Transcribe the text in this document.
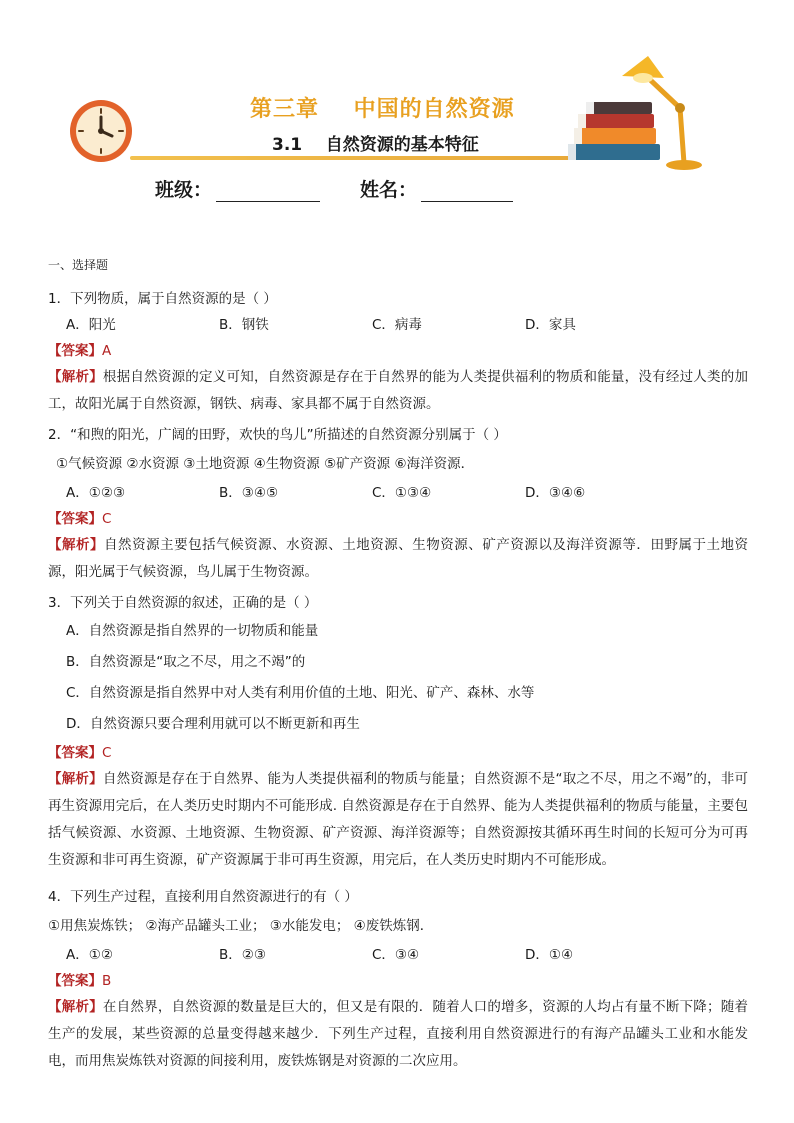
第三章    中国的自然资源
3.1    自然资源的基本特征
班级：	姓名：
一、选择题
1．下列物质，属于自然资源的是（ ）
A．阳光	B．钢铁	C．病毒	D．家具
【答案】A
【解析】根据自然资源的定义可知，自然资源是存在于自然界的能为人类提供福利的物质和能量，没有经过人类的加工，故阳光属于自然资源，钢铁、病毒、家具都不属于自然资源。
2．“和煦的阳光，广阔的田野，欢快的鸟儿”所描述的自然资源分别属于（ ）
①气候资源 ②水资源 ③土地资源 ④生物资源 ⑤矿产资源 ⑥海洋资源．
A．①②③	B．③④⑤	C．①③④	D．③④⑥
【答案】C
【解析】自然资源主要包括气候资源、水资源、土地资源、生物资源、矿产资源以及海洋资源等．田野属于土地资源，阳光属于气候资源，鸟儿属于生物资源。
3．下列关于自然资源的叙述，正确的是（ ）
A．自然资源是指自然界的一切物质和能量
B．自然资源是“取之不尽，用之不竭”的
C．自然资源是指自然界中对人类有利用价值的土地、阳光、矿产、森林、水等
D．自然资源只要合理利用就可以不断更新和再生
【答案】C
【解析】自然资源是存在于自然界、能为人类提供福利的物质与能量；自然资源不是“取之不尽，用之不竭”的，非可再生资源用完后，在人类历史时期内不可能形成. 自然资源是存在于自然界、能为人类提供福利的物质与能量，主要包括气候资源、水资源、土地资源、生物资源、矿产资源、海洋资源等；自然资源按其循环再生时间的长短可分为可再生资源和非可再生资源，矿产资源属于非可再生资源，用完后，在人类历史时期内不可能形成。
4．下列生产过程，直接利用自然资源进行的有（ ）
①用焦炭炼铁； ②海产品罐头工业； ③水能发电； ④废铁炼钢．
A．①②	B．②③	C．③④	D．①④
【答案】B
【解析】在自然界，自然资源的数量是巨大的，但又是有限的．随着人口的增多，资源的人均占有量不断下降；随着生产的发展，某些资源的总量变得越来越少．下列生产过程，直接利用自然资源进行的有海产品罐头工业和水能发电，而用焦炭炼铁对资源的间接利用，废铁炼钢是对资源的二次应用。
